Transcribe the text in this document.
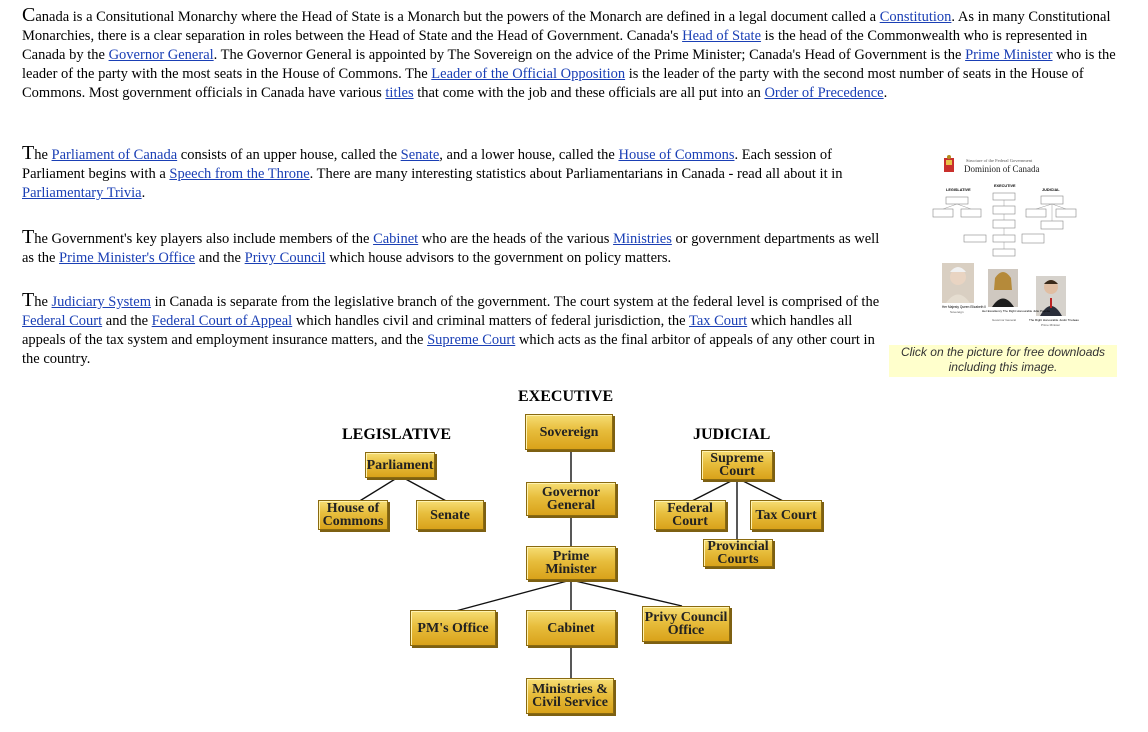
Canada is a Consitutional Monarchy where the Head of State is a Monarch but the powers of the Monarch are defined in a legal document called a Constitution. As in many Constitutional Monarchies, there is a clear separation in roles between the Head of State and the Head of Government. Canada's Head of State is the head of the Commonwealth who is represented in Canada by the Governor General. The Governor General is appointed by The Sovereign on the advice of the Prime Minister; Canada's Head of Government is the Prime Minister who is the leader of the party with the most seats in the House of Commons. The Leader of the Official Opposition is the leader of the party with the second most number of seats in the House of Commons. Most government officials in Canada have various titles that come with the job and these officials are all put into an Order of Precedence.

The Parliament of Canada consists of an upper house, called the Senate, and a lower house, called the House of Commons. Each session of Parliament begins with a Speech from the Throne. There are many interesting statistics about Parliamentarians in Canada - read all about it in Parliamentary Trivia.

The Government's key players also include members of the Cabinet who are the heads of the various Ministries or government departments as well as the Prime Minister's Office and the Privy Council which house advisors to the government on policy matters.

The Judiciary System in Canada is separate from the legislative branch of the government. The court system at the federal level is comprised of the Federal Court and the Federal Court of Appeal which handles civil and criminal matters of federal jurisdiction, the Tax Court which handles all appeals of the tax system and employment insurance matters, and the Supreme Court which acts as the final arbitor of appeals of any other court in the country.

Structure of the Federal Government
Dominion of Canada
LEGISLATIVE
EXECUTIVE
JUDICIAL
Her Majesty Queen Elizabeth II
Sovereign	Her Excellency The Right Honourable Julie Payette
Governor General	The Right Honourable Justin Trudeau
Prime Minister
Click on the picture for free downloads including this image.
EXECUTIVE
LEGISLATIVE	JUDICIAL
Sovereign
Parliament
House of Commons	Senate
Governor General
Prime Minister
PM's Office	Cabinet
Privy Council Office
Ministries & Civil Service
Supreme Court
Federal Court	Tax Court
Provincial Courts
